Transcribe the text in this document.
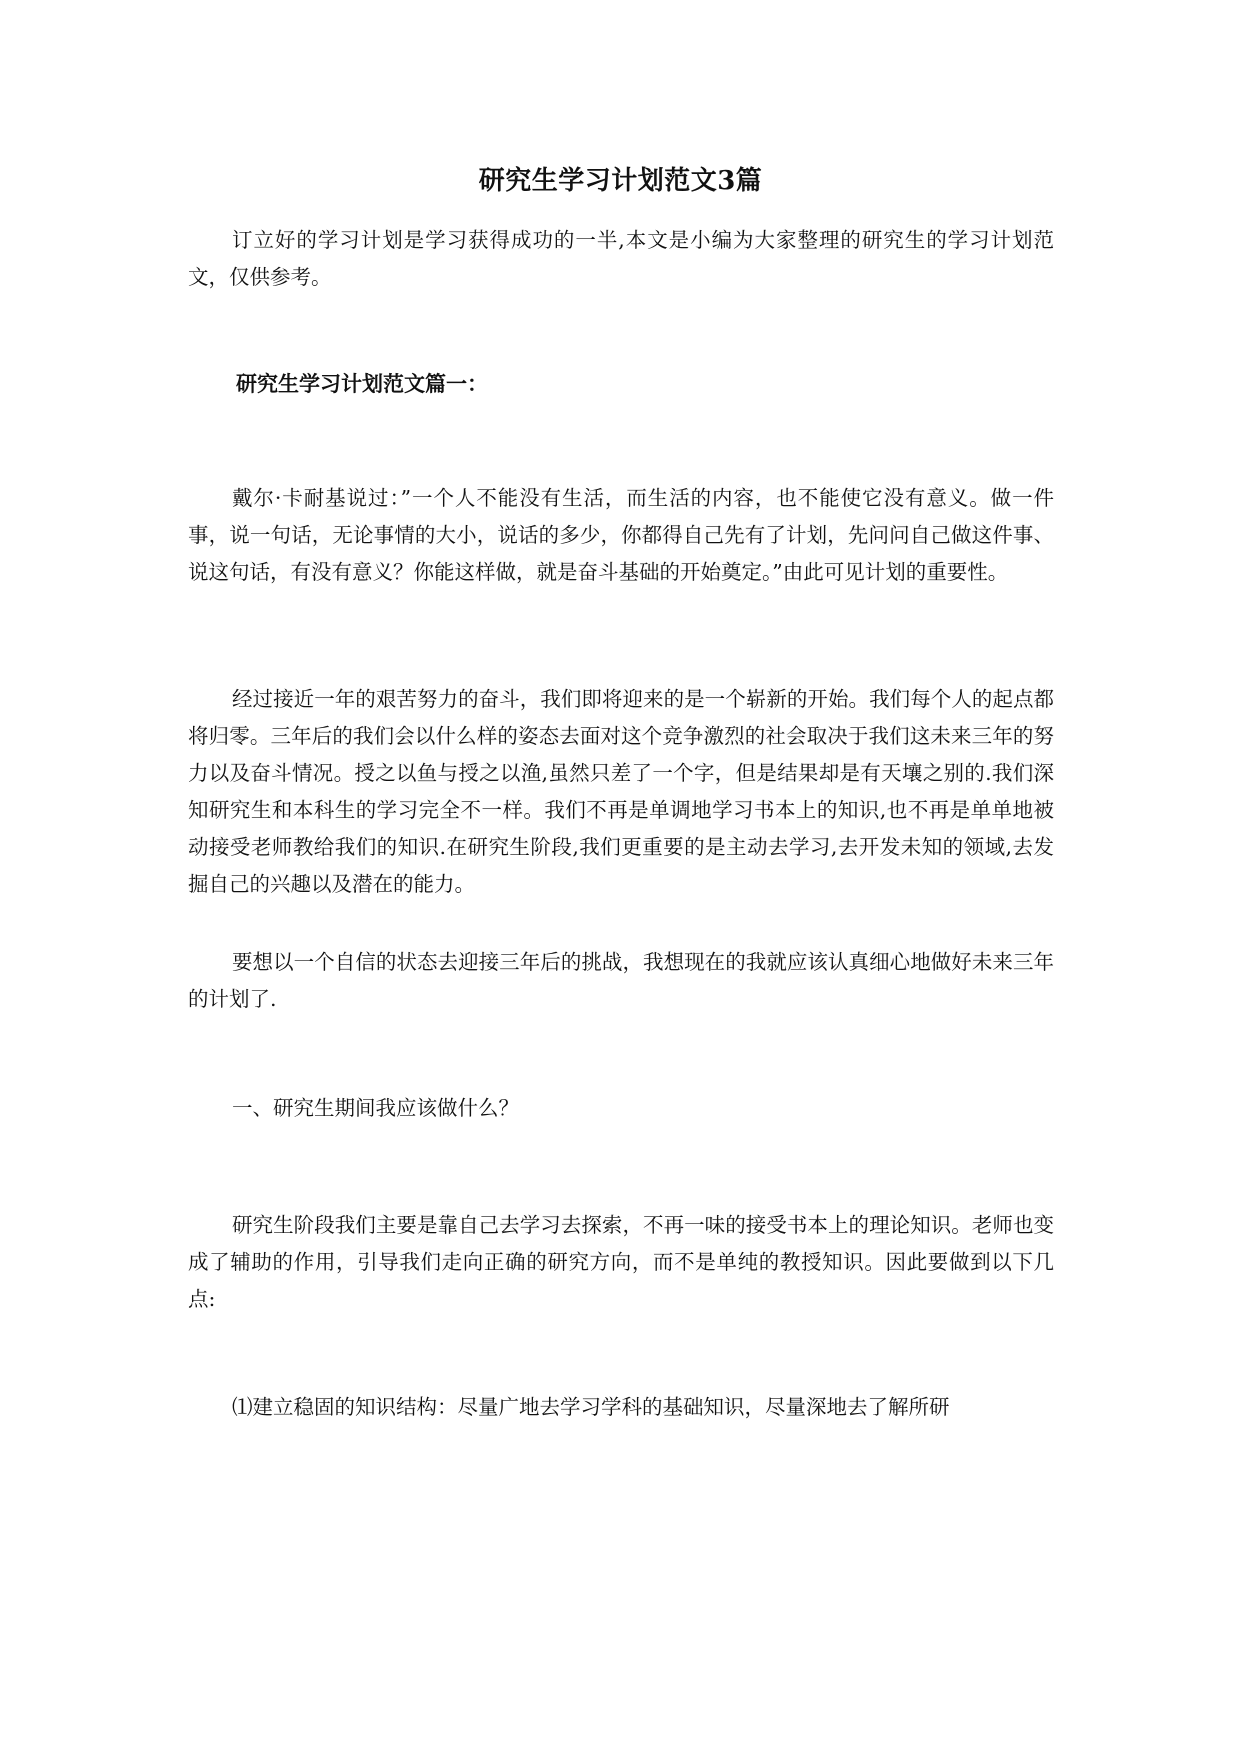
研究生学习计划范文3篇

订立好的学习计划是学习获得成功的一半,本文是小编为大家整理的研究生的学习计划范文，仅供参考。

研究生学习计划范文篇一：

戴尔·卡耐基说过：”一个人不能没有生活，而生活的内容，也不能使它没有意义。做一件事，说一句话，无论事情的大小，说话的多少，你都得自己先有了计划，先问问自己做这件事、说这句话，有没有意义？你能这样做，就是奋斗基础的开始奠定。”由此可见计划的重要性。

经过接近一年的艰苦努力的奋斗，我们即将迎来的是一个崭新的开始。我们每个人的起点都将归零。三年后的我们会以什么样的姿态去面对这个竞争激烈的社会取决于我们这未来三年的努力以及奋斗情况。授之以鱼与授之以渔,虽然只差了一个字，但是结果却是有天壤之别的.我们深知研究生和本科生的学习完全不一样。我们不再是单调地学习书本上的知识,也不再是单单地被动接受老师教给我们的知识.在研究生阶段,我们更重要的是主动去学习,去开发未知的领域,去发掘自己的兴趣以及潜在的能力。

要想以一个自信的状态去迎接三年后的挑战，我想现在的我就应该认真细心地做好未来三年的计划了.

一、研究生期间我应该做什么？

研究生阶段我们主要是靠自己去学习去探索，不再一味的接受书本上的理论知识。老师也变成了辅助的作用，引导我们走向正确的研究方向，而不是单纯的教授知识。因此要做到以下几点:

⑴建立稳固的知识结构：尽量广地去学习学科的基础知识，尽量深地去了解所研
